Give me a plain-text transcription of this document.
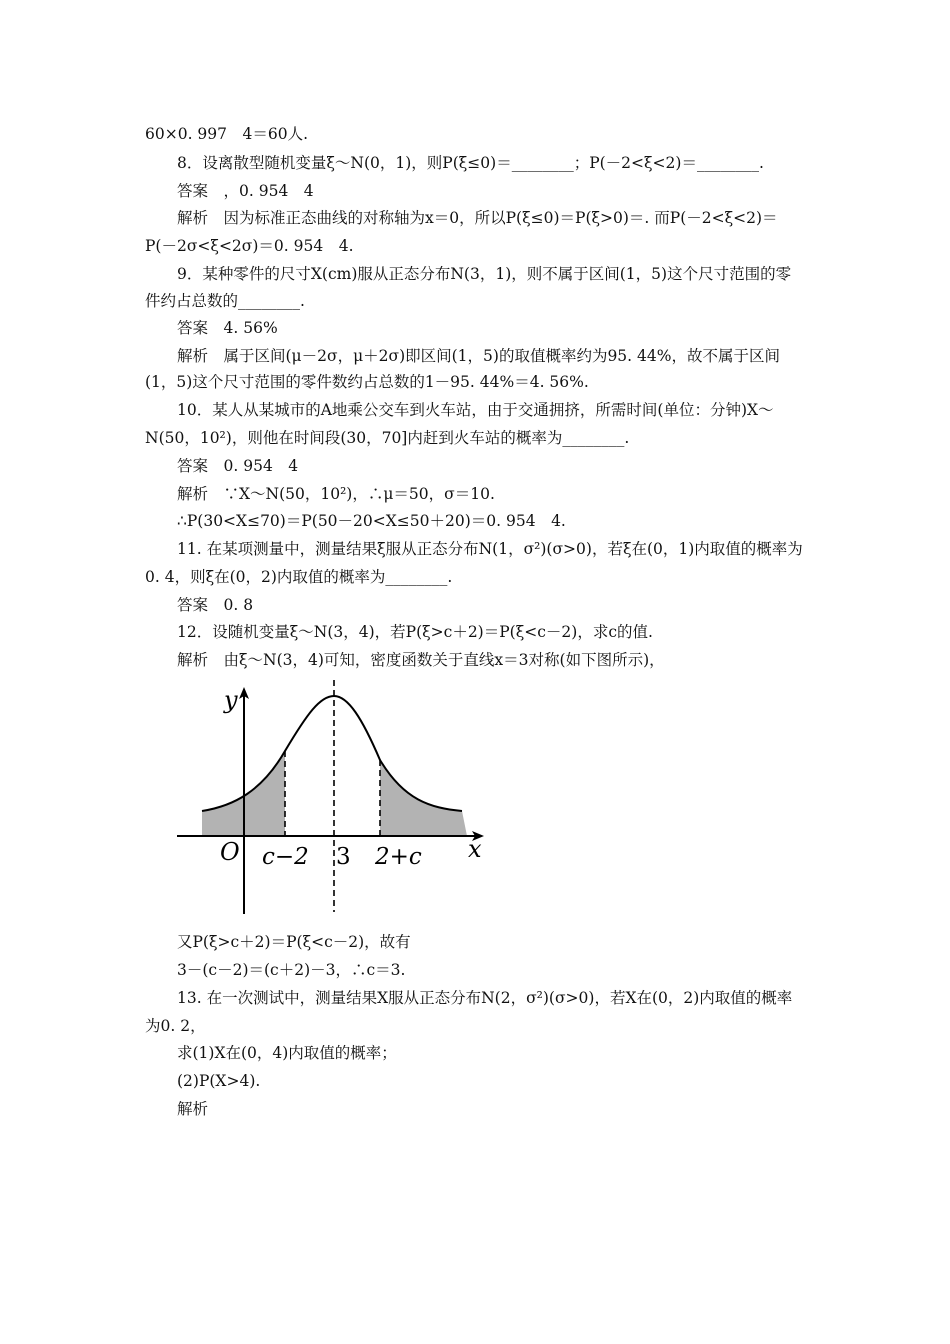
60×0. 997　4＝60人.
8．设离散型随机变量ξ～N(0，1)，则P(ξ≤0)＝________；P(－2<ξ<2)＝________.
答案　，0. 954　4
解析　因为标准正态曲线的对称轴为x＝0，所以P(ξ≤0)＝P(ξ>0)＝. 而P(－2<ξ<2)＝
P(－2σ<ξ<2σ)＝0. 954　4.
9．某种零件的尺寸X(cm)服从正态分布N(3，1)，则不属于区间(1，5)这个尺寸范围的零
件约占总数的________.
答案　4. 56%
解析　属于区间(μ－2σ，μ＋2σ)即区间(1，5)的取值概率约为95. 44%，故不属于区间
(1，5)这个尺寸范围的零件数约占总数的1－95. 44%＝4. 56%.
10．某人从某城市的A地乘公交车到火车站，由于交通拥挤，所需时间(单位：分钟)X～
N(50，10²)，则他在时间段(30，70]内赶到火车站的概率为________.
答案　0. 954　4
解析　∵X～N(50，10²)，∴μ＝50，σ＝10.
∴P(30<X≤70)＝P(50－20<X≤50＋20)＝0. 954　4.
11. 在某项测量中，测量结果ξ服从正态分布N(1，σ²)(σ>0)，若ξ在(0，1)内取值的概率为
0. 4，则ξ在(0，2)内取值的概率为________.
答案　0. 8
12．设随机变量ξ～N(3，4)，若P(ξ>c＋2)＝P(ξ<c－2)，求c的值.
解析　由ξ～N(3，4)可知，密度函数关于直线x＝3对称(如下图所示)，
y
O c−2 3 2+c x
又P(ξ>c＋2)＝P(ξ<c－2)，故有
3－(c－2)＝(c＋2)－3，∴c＝3.
13. 在一次测试中，测量结果X服从正态分布N(2，σ²)(σ>0)，若X在(0，2)内取值的概率
为0. 2，
求(1)X在(0，4)内取值的概率；
(2)P(X>4).
解析
